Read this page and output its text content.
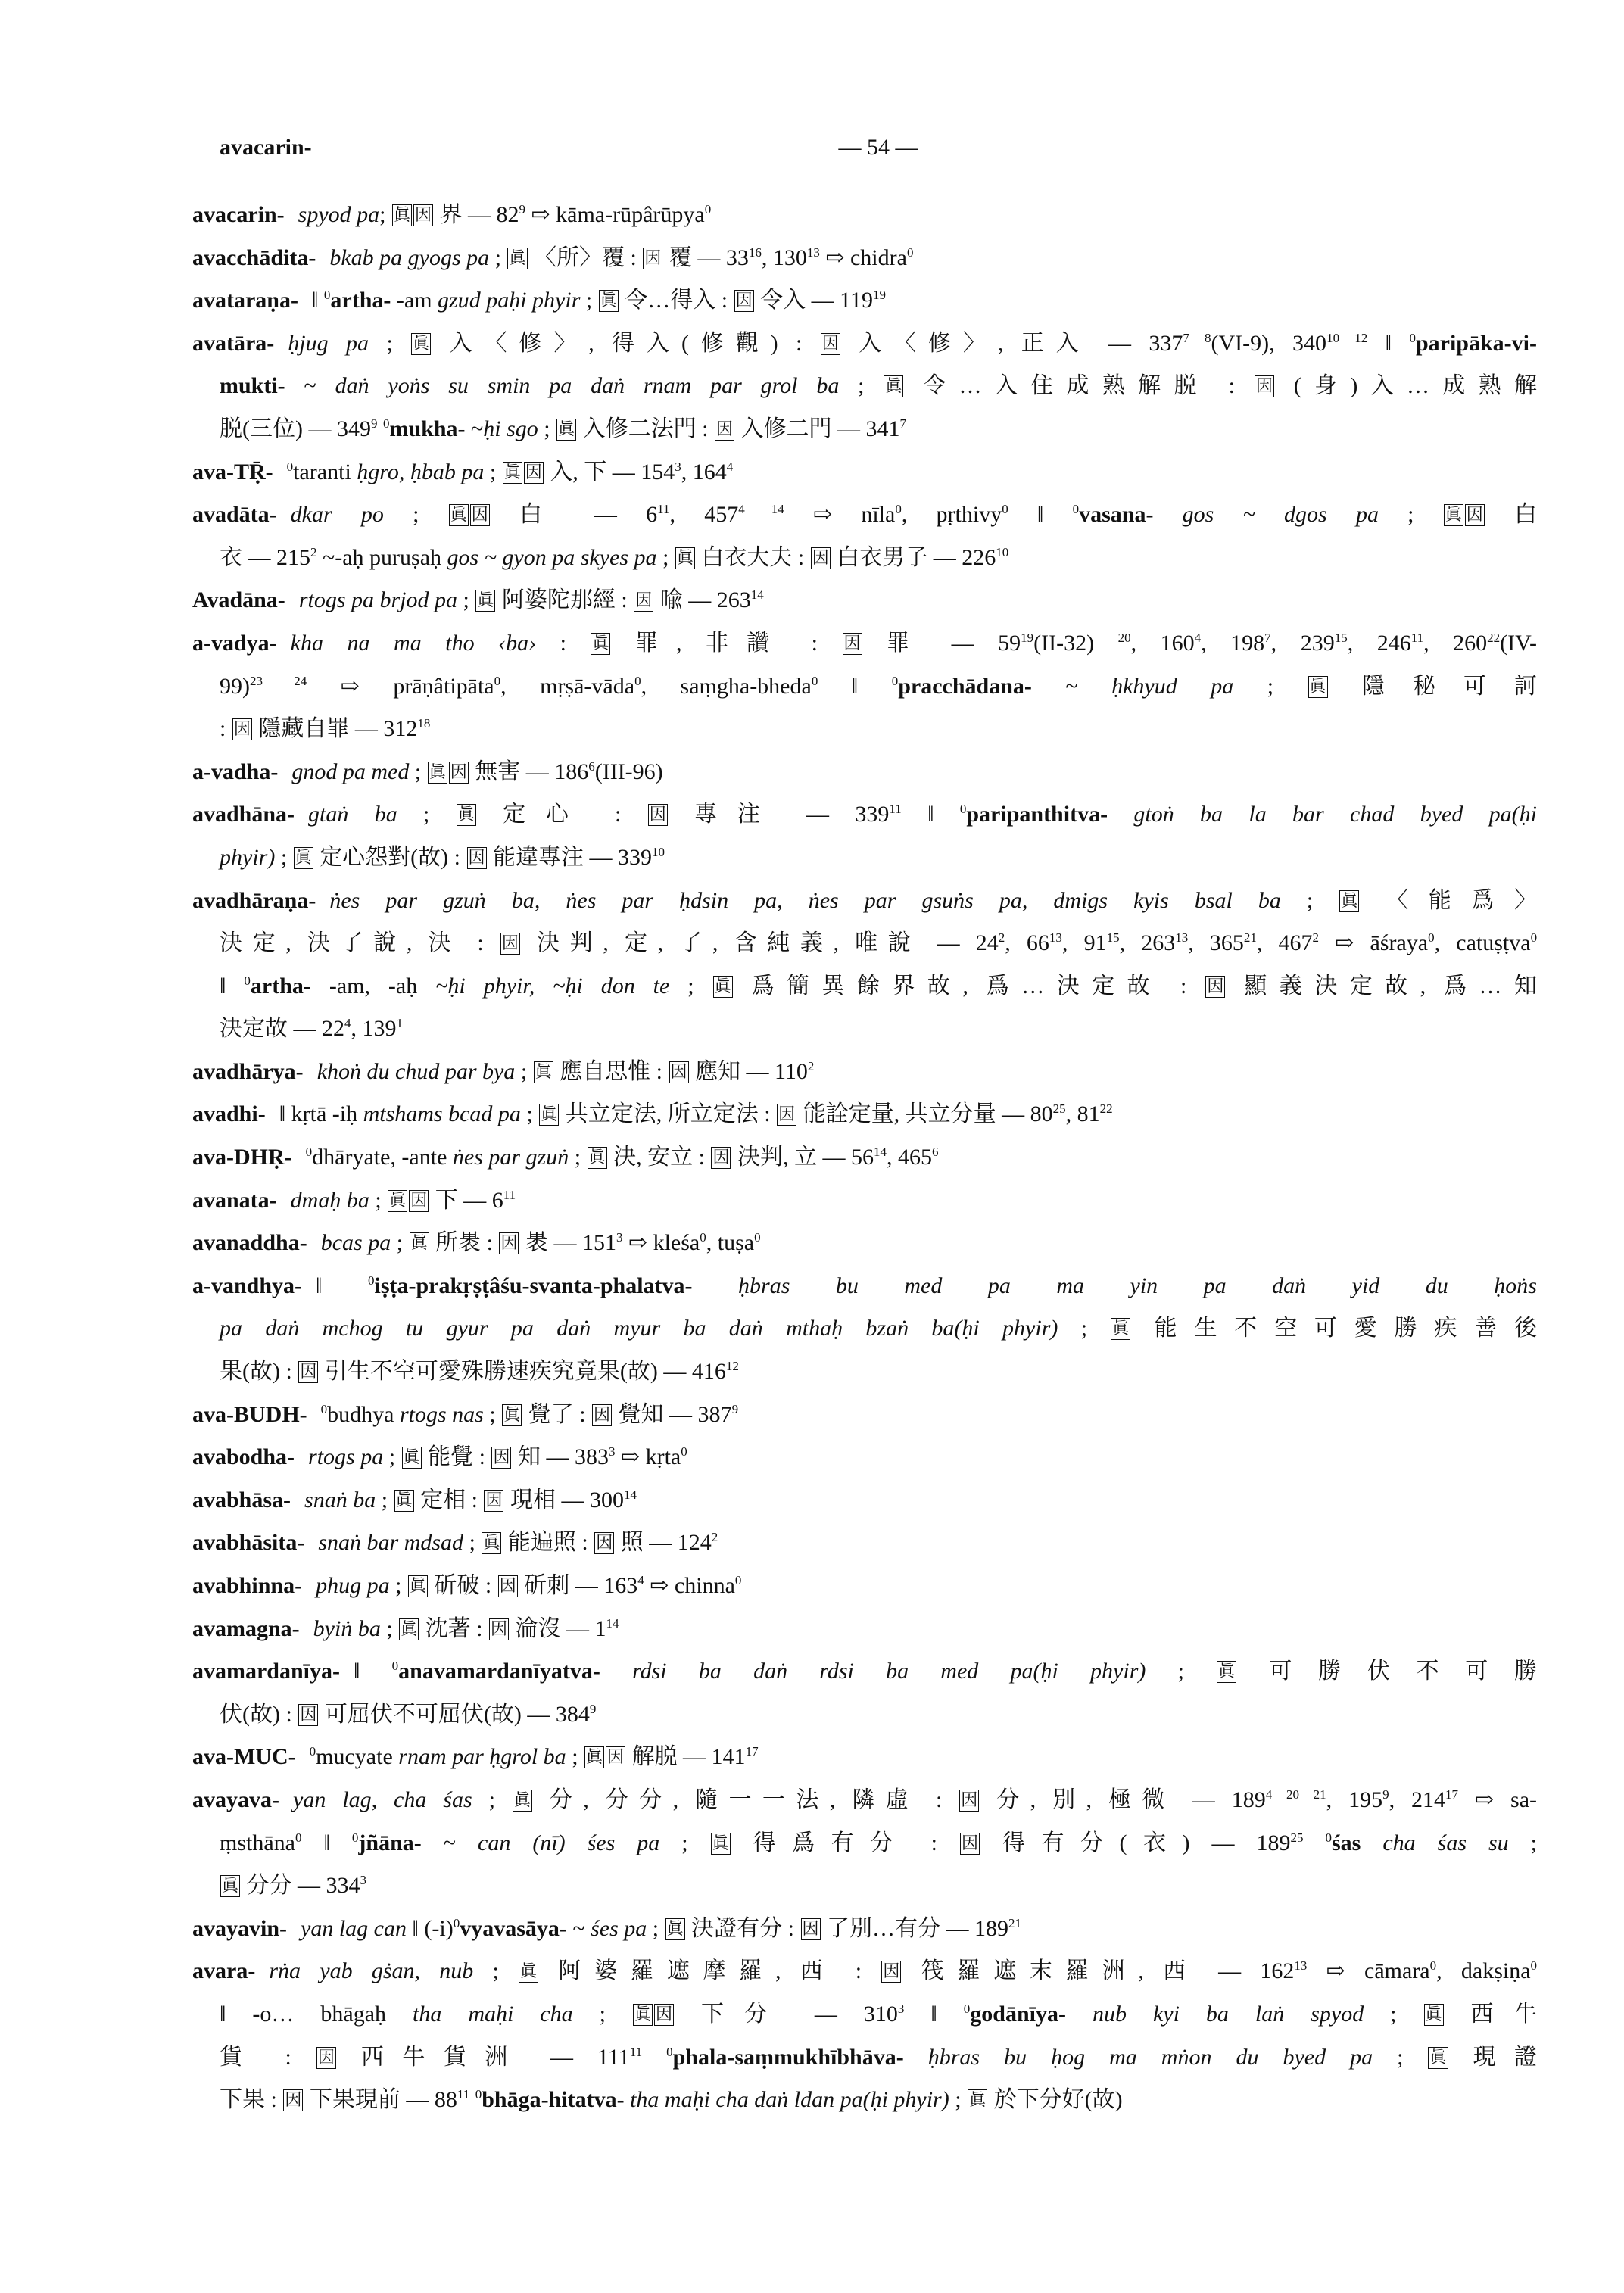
avacarin-	— 54 —
avacarin- spyod pa; 眞 因 界 — $82^9$ ⇨ kāma-rūpârūpya$^0$
avacchādita- bkab pa gyogs pa ; 眞 〈所〉覆 : 因 覆 — $33^{16}$, $130^{13}$ ⇨ chidra$^0$
avataraṇa- ‖ $^0$artha- -am gzud paḥi phyir ; 眞 令…得入 : 因 令入 — $119^{19}$
avatāra- ḥjug pa ; 眞 入〈修〉, 得入(修觀) : 因 入〈修〉, 正入 — $337^{7 8}(VI-9)$, $340^{10 12}$ ‖ $^0$paripāka-vi-
mukti- ~ daṅ yoṅs su smin pa daṅ rnam par grol ba ; 眞 令…入住成熟解脱 : 因 (身)入…成熟解
脱(三位) — $349^9$ $^0$mukha- ~ḥi sgo ; 眞 入修二法門 : 因 入修二門 — $341^7$
ava-TṜ- $^0$taranti ḥgro, ḥbab pa ; 眞 因 入, 下 — $154^3$, $164^4$
avadāta- dkar po ; 眞 因 白 — $6^{11}$, $457^{4 14}$ ⇨ nīla$^0$, pṛthivy$^0$ ‖ $^0$vasana- gos ~ dgos pa ; 眞 因 白
衣 — $215^2$ ~-aḥ puruṣaḥ gos ~ gyon pa skyes pa ; 眞 白衣大夫 : 因 白衣男子 — $226^{10}$
Avadāna- rtogs pa brjod pa ; 眞 阿婆陀那經 : 因 喩 — $263^{14}$
a-vadya- kha na ma tho ‹ba› : 眞 罪, 非讚 : 因 罪 — $59^{19}(II-32)$ $^{20}$, $160^4$, $198^7$, $239^{15}$, $246^{11}$, $260^{22}(IV-$
99)$^{23 24}$ ⇨ prāṇâtipāta$^0$, mṛṣā-vāda$^0$, saṃgha-bheda$^0$ ‖ $^0$pracchādana- ~ ḥkhyud pa ; 眞 隱秘可訶
: 因 隱藏自罪 — $312^{18}$
a-vadha- gnod pa med ; 眞 因 無害 — $186^6(III-96)$
avadhāna- gtaṅ ba ; 眞 定心 : 因 專注 — $339^{11}$ ‖ $^0$paripanthitva- gtoṅ ba la bar chad byed pa(ḥi
phyir) ; 眞 定心怨對(故) : 因 能違專注 — $339^{10}$
avadhāraṇa- ṅes par gzuṅ ba, ṅes par ḥdsin pa, ṅes par gsuṅs pa, dmigs kyis bsal ba ; 眞 〈能爲〉
決定, 決了說, 決 : 因 決判, 定, 了, 含純義, 唯說 — $24^2$, $66^{13}$, $91^{15}$, $263^{13}$, $365^{21}$, $467^2$ ⇨ āśraya$^0$, catuṣṭva$^0$
‖ $^0$artha- -am, -aḥ ~ḥi phyir, ~ḥi don te ; 眞 爲簡異餘界故, 爲…決定故 : 因 顯義決定故, 爲…知
決定故 — $22^4$, $139^1$
avadhārya- khoṅ du chud par bya ; 眞 應自思惟 : 因 應知 — $110^2$
avadhi- ‖ kṛtā -iḥ mtshams bcad pa ; 眞 共立定法, 所立定法 : 因 能詮定量, 共立分量 — $80^{25}$, $81^{22}$
ava-DHṚ- $^0$dhāryate, -ante ṅes par gzuṅ ; 眞 決, 安立 : 因 決判, 立 — $56^{14}$, $465^6$
avanata- dmaḥ ba ; 眞 因 下 — $6^{11}$
avanaddha- bcas pa ; 眞 所褁 : 因 褁 — $151^3$ ⇨ kleśa$^0$, tuṣa$^0$
a-vandhya- ‖ $^0$iṣṭa-prakṛṣṭâśu-svanta-phalatva- ḥbras bu med pa ma yin pa daṅ yid du ḥoṅs
pa daṅ mchog tu gyur pa daṅ myur ba daṅ mthaḥ bzaṅ ba(ḥi phyir) ; 眞 能生不空可愛勝疾善後
果(故) : 因 引生不空可愛殊勝速疾究竟果(故) — $416^{12}$
ava-BUDH- $^0$budhya rtogs nas ; 眞 覺了 : 因 覺知 — $387^9$
avabodha- rtogs pa ; 眞 能覺 : 因 知 — $383^3$ ⇨ kṛta$^0$
avabhāsa- snaṅ ba ; 眞 定相 : 因 現相 — $300^{14}$
avabhāsita- snaṅ bar mdsad ; 眞 能遍照 : 因 照 — $124^2$
avabhinna- phug pa ; 眞 斫破 : 因 斫刺 — $163^4$ ⇨ chinna$^0$
avamagna- byiṅ ba ; 眞 沈著 : 因 淪沒 — $1^{14}$
avamardanīya- ‖ $^0$anavamardanīyatva- rdsi ba daṅ rdsi ba med pa(ḥi phyir) ; 眞 可勝伏不可勝
伏(故) : 因 可屈伏不可屈伏(故) — $384^9$
ava-MUC- $^0$mucyate rnam par ḥgrol ba ; 眞 因 解脱 — $141^{17}$
avayava- yan lag, cha śas ; 眞 分, 分分, 隨一一法, 隣虛 : 因 分, 別, 極微 — $189^{4 20 21}$, $195^9$, $214^{17}$ ⇨ sa-
ṃsthāna$^0$ ‖ $^0$jñāna- ~ can (nī) śes pa ; 眞 得爲有分 : 因 得有分(衣) — $189^{25}$ $^0$śas cha śas su ;
眞 分分 — $334^3$
avayavin- yan lag can ‖ $(-i)^0vyavasāya-$ ~ śes pa ; 眞 決證有分 : 因 了別…有分 — $189^{21}$
avara- rṅa yab gṡan, nub ; 眞 阿婆羅遮摩羅, 西 : 因 筏羅遮末羅洲, 西 — $162^{13}$ ⇨ cāmara$^0$, dakṣiṇa$^0$
‖ -o… bhāgaḥ tha maḥi cha ; 眞 因 下分 — $310^3$ ‖ $^0$godānīya- nub kyi ba laṅ spyod ; 眞 西牛
貨 : 因 西牛貨洲 — $111^{11}$ $^0$phala-saṃmukhībhāva- ḥbras bu ḥog ma mṅon du byed pa ; 眞 現證
下果 : 因 下果現前 — $88^{11}$ $^0$bhāga-hitatva- tha maḥi cha daṅ ldan pa(ḥi phyir) ; 眞 於下分好(故)
